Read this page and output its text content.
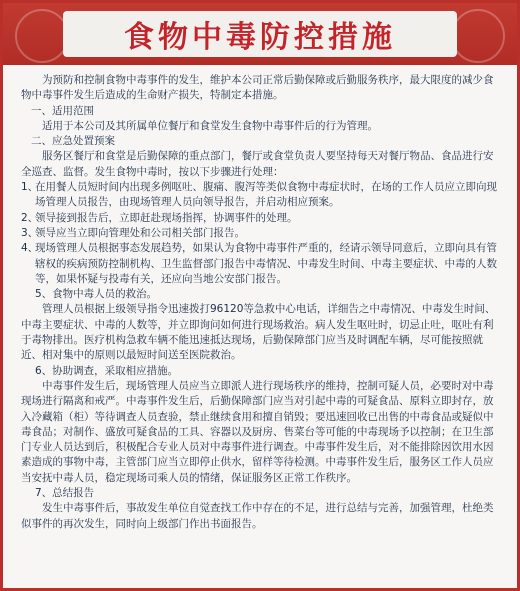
食物中毒防控措施

为预防和控制食物中毒事件的发生，维护本公司正常后勤保障或后勤服务秩序，最大限度的减少食物中毒事件发生后造成的生命财产损失，特制定本措施。

一、适用范围

适用于本公司及其所属单位餐厅和食堂发生食物中毒事件后的行为管理。

二、应急处置预案

服务区餐厅和食堂是后勤保障的重点部门，餐厅或食堂负责人要坚持每天对餐厅物品、食品进行安全巡查、监督。发生食物中毒时，按以下步骤进行处理：

1、
在用餐人员短时间内出现多例呕吐、腹痛、腹泻等类似食物中毒症状时，在场的工作人员应立即向现场管理人员报告，由现场管理人员向领导报告，并启动相应预案。
2、
领导接到报告后，立即赶赴现场指挥，协调事件的处理。
3、
领导应当立即向管理处和公司相关部门报告。
4、
现场管理人员根据事态发展趋势，如果认为食物中毒事件严重的，经请示领导同意后，立即向具有管辖权的疾病预防控制机构、卫生监督部门报告中毒情况、中毒发生时间、中毒主要症状、中毒的人数等，如果怀疑与投毒有关，还应向当地公安部门报告。

5、食物中毒人员的救治。

管理人员根据上级领导指令迅速拨打96120等急救中心电话，详细告之中毒情况、中毒发生时间、中毒主要症状、中毒的人数等，并立即询问如何进行现场救治。病人发生呕吐时，切忌止吐，呕吐有利于毒物排出。医疗机构急救车辆不能迅速抵达现场，后勤保障部门应当及时调配车辆，尽可能按照就近、相对集中的原则以最短时间送至医院救治。

6、协助调查，采取相应措施。

中毒事件发生后，现场管理人员应当立即派人进行现场秩序的维持，控制可疑人员，必要时对中毒现场进行隔离和戒严。中毒事件发生后，后勤保障部门应当对引起中毒的可疑食品、原料立即封存，放入冷藏箱（柜）等待调查人员查验，禁止继续食用和擅自销毁；要迅速回收已出售的中毒食品或疑似中毒食品；对制作、盛放可疑食品的工具、容器以及厨房、售菜台等可能的中毒现场予以控制；在卫生部门专业人员达到后，积极配合专业人员对中毒事件进行调查。中毒事件发生后，对不能排除因饮用水因素造成的事物中毒，主管部门应当立即停止供水，留样等待检测。中毒事件发生后，服务区工作人员应当安抚中毒人员，稳定现场司乘人员的情绪，保证服务区正常工作秩序。

7、总结报告

发生中毒事件后，事故发生单位自觉查找工作中存在的不足，进行总结与完善，加强管理，杜绝类似事件的再次发生，同时向上级部门作出书面报告。
